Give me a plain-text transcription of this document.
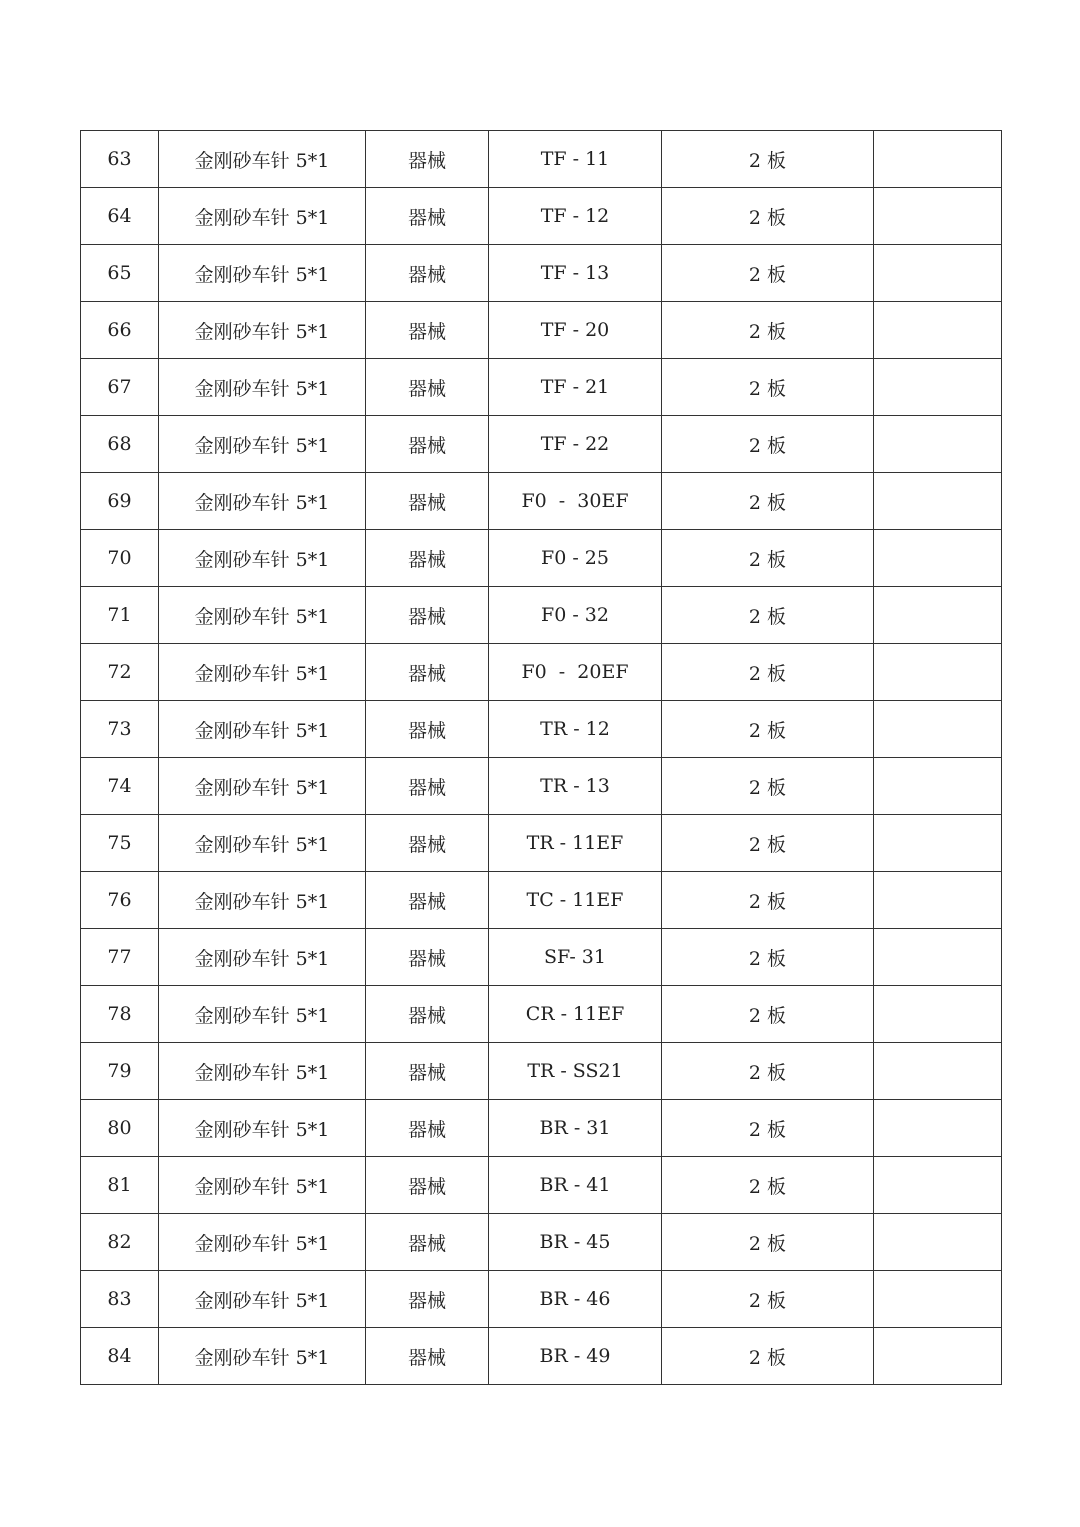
63	金刚砂车针 5*1	器械	TF - 11	2 板	
64	金刚砂车针 5*1	器械	TF - 12	2 板	
65	金刚砂车针 5*1	器械	TF - 13	2 板	
66	金刚砂车针 5*1	器械	TF - 20	2 板	
67	金刚砂车针 5*1	器械	TF - 21	2 板	
68	金刚砂车针 5*1	器械	TF - 22	2 板	
69	金刚砂车针 5*1	器械	F0  -  30EF	2 板	
70	金刚砂车针 5*1	器械	F0 - 25	2 板	
71	金刚砂车针 5*1	器械	F0 - 32	2 板	
72	金刚砂车针 5*1	器械	F0  -  20EF	2 板	
73	金刚砂车针 5*1	器械	TR - 12	2 板	
74	金刚砂车针 5*1	器械	TR - 13	2 板	
75	金刚砂车针 5*1	器械	TR - 11EF	2 板	
76	金刚砂车针 5*1	器械	TC - 11EF	2 板	
77	金刚砂车针 5*1	器械	SF- 31	2 板	
78	金刚砂车针 5*1	器械	CR - 11EF	2 板	
79	金刚砂车针 5*1	器械	TR - SS21	2 板	
80	金刚砂车针 5*1	器械	BR - 31	2 板	
81	金刚砂车针 5*1	器械	BR - 41	2 板	
82	金刚砂车针 5*1	器械	BR - 45	2 板	
83	金刚砂车针 5*1	器械	BR - 46	2 板	
84	金刚砂车针 5*1	器械	BR - 49	2 板	
